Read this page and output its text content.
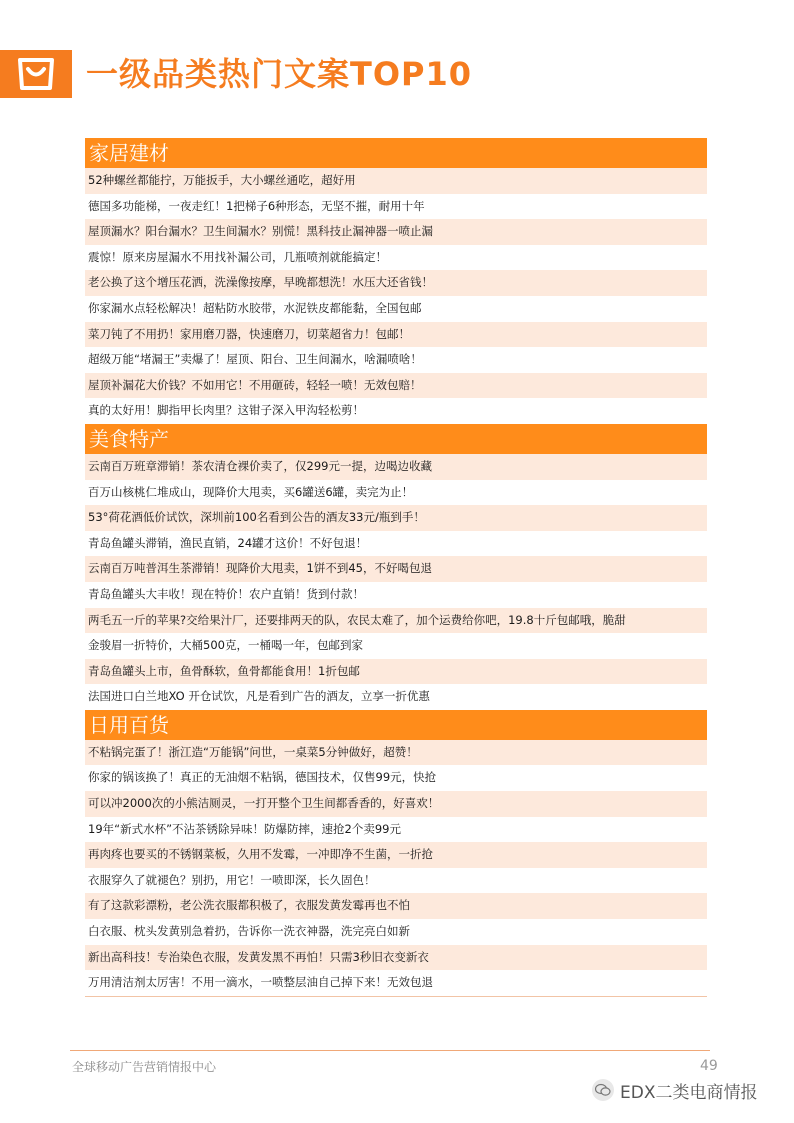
一级品类热门文案TOP10
家居建材
52种螺丝都能拧，万能扳手，大小螺丝通吃，超好用
德国多功能梯，一夜走红！1把梯子6种形态，无坚不摧，耐用十年
屋顶漏水？阳台漏水？卫生间漏水？别慌！黑科技止漏神器一喷止漏
震惊！原来房屋漏水不用找补漏公司，几瓶喷剂就能搞定！
老公换了这个增压花洒，洗澡像按摩，早晚都想洗！水压大还省钱！
你家漏水点轻松解决！超粘防水胶带，水泥铁皮都能黏，全国包邮
菜刀钝了不用扔！家用磨刀器，快速磨刀，切菜超省力！包邮！
超级万能“堵漏王”卖爆了！屋顶、阳台、卫生间漏水，啥漏喷啥！
屋顶补漏花大价钱？不如用它！不用砸砖，轻轻一喷！无效包赔！
真的太好用！脚指甲长肉里？这钳子深入甲沟轻松剪！
美食特产
云南百万班章滞销！茶农清仓裸价卖了，仅299元一提，边喝边收藏
百万山核桃仁堆成山，现降价大甩卖，买6罐送6罐，卖完为止！
53°荷花酒低价试饮，深圳前100名看到公告的酒友33元/瓶到手！
青岛鱼罐头滞销，渔民直销，24罐才这价！不好包退！
云南百万吨普洱生茶滞销！现降价大甩卖，1饼不到45，不好喝包退
青岛鱼罐头大丰收！现在特价！农户直销！货到付款！
两毛五一斤的苹果?交给果汁厂，还要排两天的队，农民太难了，加个运费给你吧，19.8十斤包邮哦，脆甜
金骏眉一折特价，大桶500克，一桶喝一年，包邮到家
青岛鱼罐头上市，鱼骨酥软，鱼骨都能食用！1折包邮
法国进口白兰地XO 开仓试饮，凡是看到广告的酒友，立享一折优惠
日用百货
不粘锅完蛋了！浙江造“万能锅”问世，一桌菜5分钟做好，超赞！
你家的锅该换了！真正的无油烟不粘锅，德国技术，仅售99元，快抢
可以冲2000次的小熊洁厕灵，一打开整个卫生间都香香的，好喜欢！
19年“新式水杯”不沾茶锈除异味！防爆防摔，速抢2个卖99元
再肉疼也要买的不锈钢菜板，久用不发霉，一冲即净不生菌，一折抢
衣服穿久了就褪色？别扔，用它！一喷即深，长久固色！
有了这款彩漂粉，老公洗衣服都积极了，衣服发黄发霉再也不怕
白衣服、枕头发黄别急着扔，告诉你一洗衣神器，洗完亮白如新
新出高科技！专治染色衣服，发黄发黑不再怕！只需3秒旧衣变新衣
万用清洁剂太厉害！不用一滴水，一喷整层油自己掉下来！无效包退
全球移动广告营销情报中心	49
EDX二类电商情报
